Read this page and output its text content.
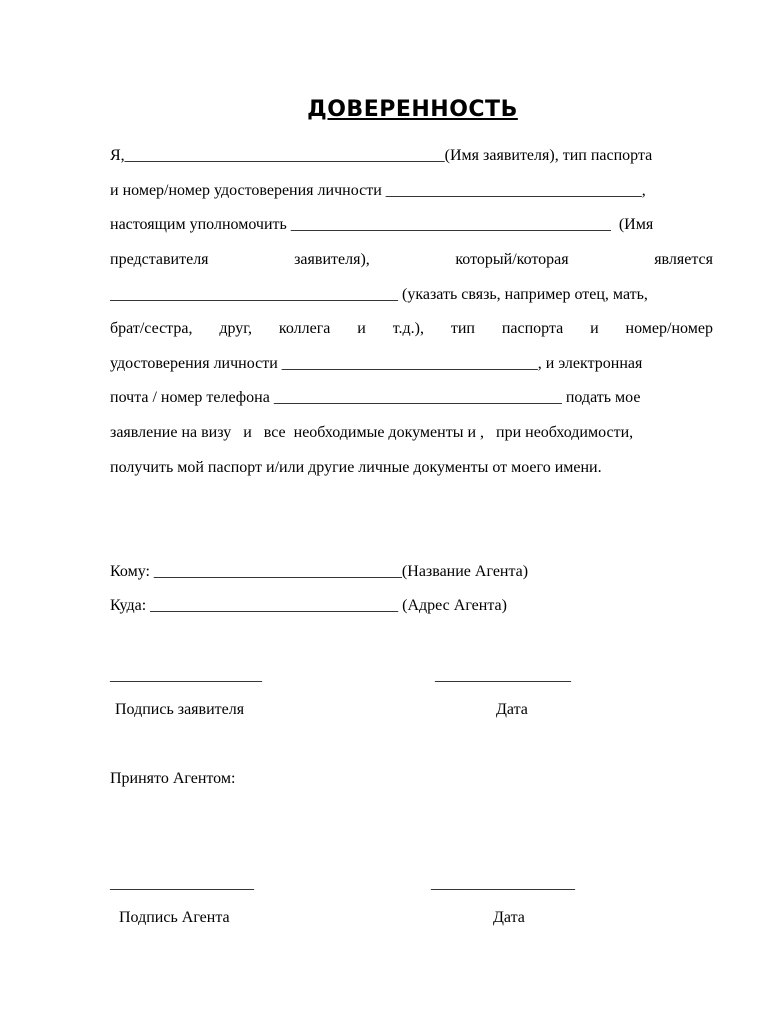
ДОВЕРЕННОСТЬ
Я,________________________________________(Имя заявителя), тип паспорта
и номер/номер удостоверения личности ________________________________,
настоящим уполномочить ________________________________________  (Имя
представителя	заявителя),	который/которая	является
____________________________________ (указать связь, например отец, мать,
брат/сестра, друг, коллега и т.д.), тип паспорта и номер/номер
удостоверения личности ________________________________, и электронная
почта / номер телефона ____________________________________ подать мое
заявление на визу   и   все  необходимые документы и ,   при необходимости,
получить мой паспорт и/или другие личные документы от моего имени.
Кому: _______________________________(Название Агента)
Куда: _______________________________ (Адрес Агента)
___________________	_________________
Подпись заявителя	Дата
Принято Агентом:
__________________	__________________
Подпись Агента	Дата
